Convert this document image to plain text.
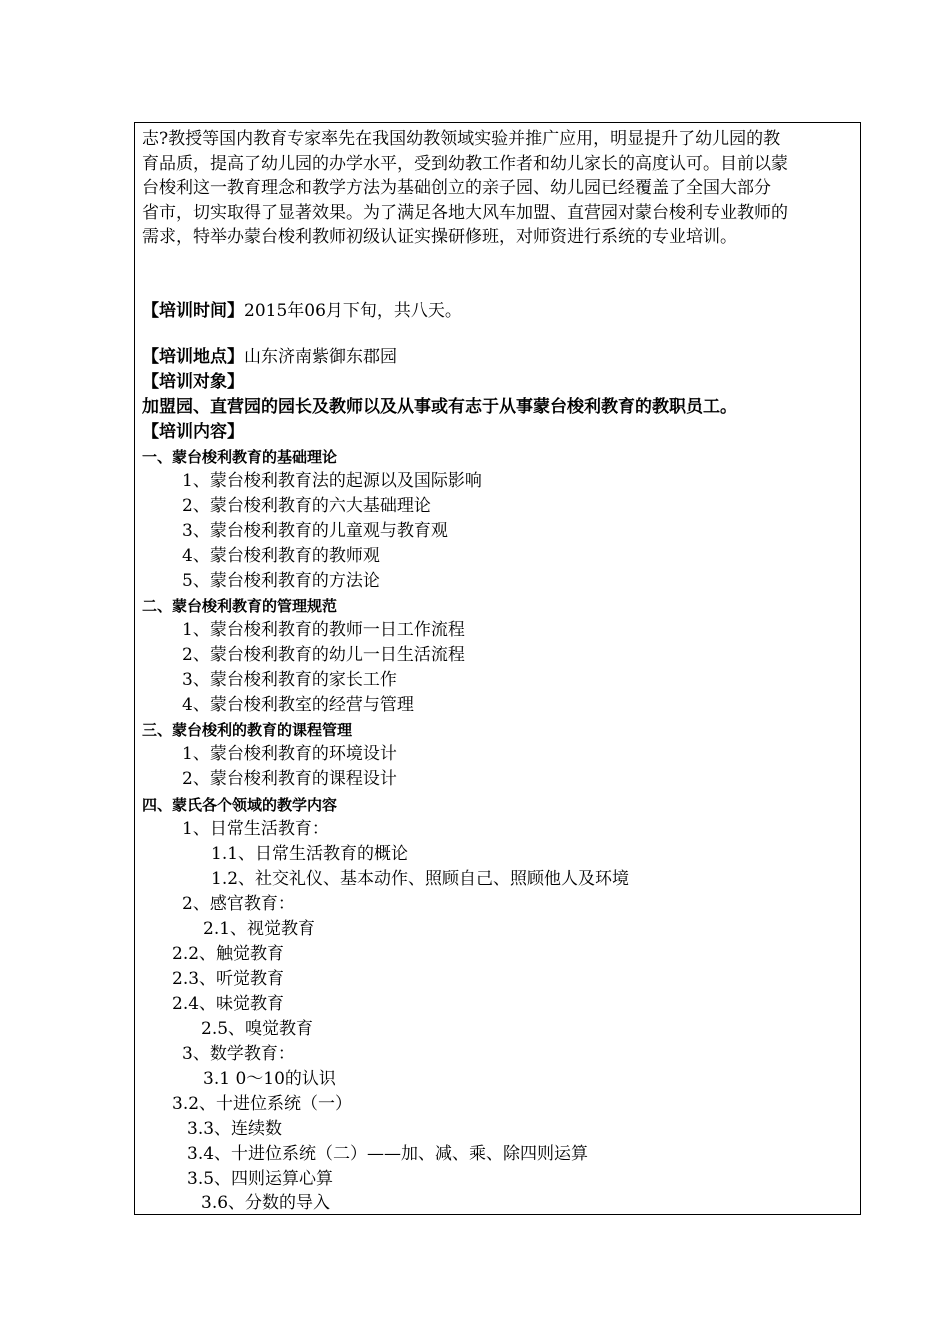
志?教授等国内教育专家率先在我国幼教领域实验并推广应用，明显提升了幼儿园的教
育品质，提高了幼儿园的办学水平，受到幼教工作者和幼儿家长的高度认可。目前以蒙
台梭利这一教育理念和教学方法为基础创立的亲子园、幼儿园已经覆盖了全国大部分
省市，切实取得了显著效果。为了满足各地大风车加盟、直营园对蒙台梭利专业教师的
需求，特举办蒙台梭利教师初级认证实操研修班，对师资进行系统的专业培训。
【培训时间】2015年06月下旬，共八天。
【培训地点】山东济南紫御东郡园
【培训对象】
加盟园、直营园的园长及教师以及从事或有志于从事蒙台梭利教育的教职员工。
【培训内容】
一、蒙台梭利教育的基础理论
1、蒙台梭利教育法的起源以及国际影响
2、蒙台梭利教育的六大基础理论
3、蒙台梭利教育的儿童观与教育观
4、蒙台梭利教育的教师观
5、蒙台梭利教育的方法论
二、蒙台梭利教育的管理规范
1、蒙台梭利教育的教师一日工作流程
2、蒙台梭利教育的幼儿一日生活流程
3、蒙台梭利教育的家长工作
4、蒙台梭利教室的经营与管理
三、蒙台梭利的教育的课程管理
1、蒙台梭利教育的环境设计
2、蒙台梭利教育的课程设计
四、蒙氏各个领域的教学内容
1、日常生活教育：
1.1、日常生活教育的概论
1.2、社交礼仪、基本动作、照顾自己、照顾他人及环境
2、感官教育：
2.1、视觉教育
2.2、触觉教育
2.3、听觉教育
2.4、味觉教育
2.5、嗅觉教育
3、数学教育：
3.1 0～10的认识
3.2、十进位系统（一）
3.3、连续数
3.4、十进位系统（二）——加、减、乘、除四则运算
3.5、四则运算心算
3.6、分数的导入
